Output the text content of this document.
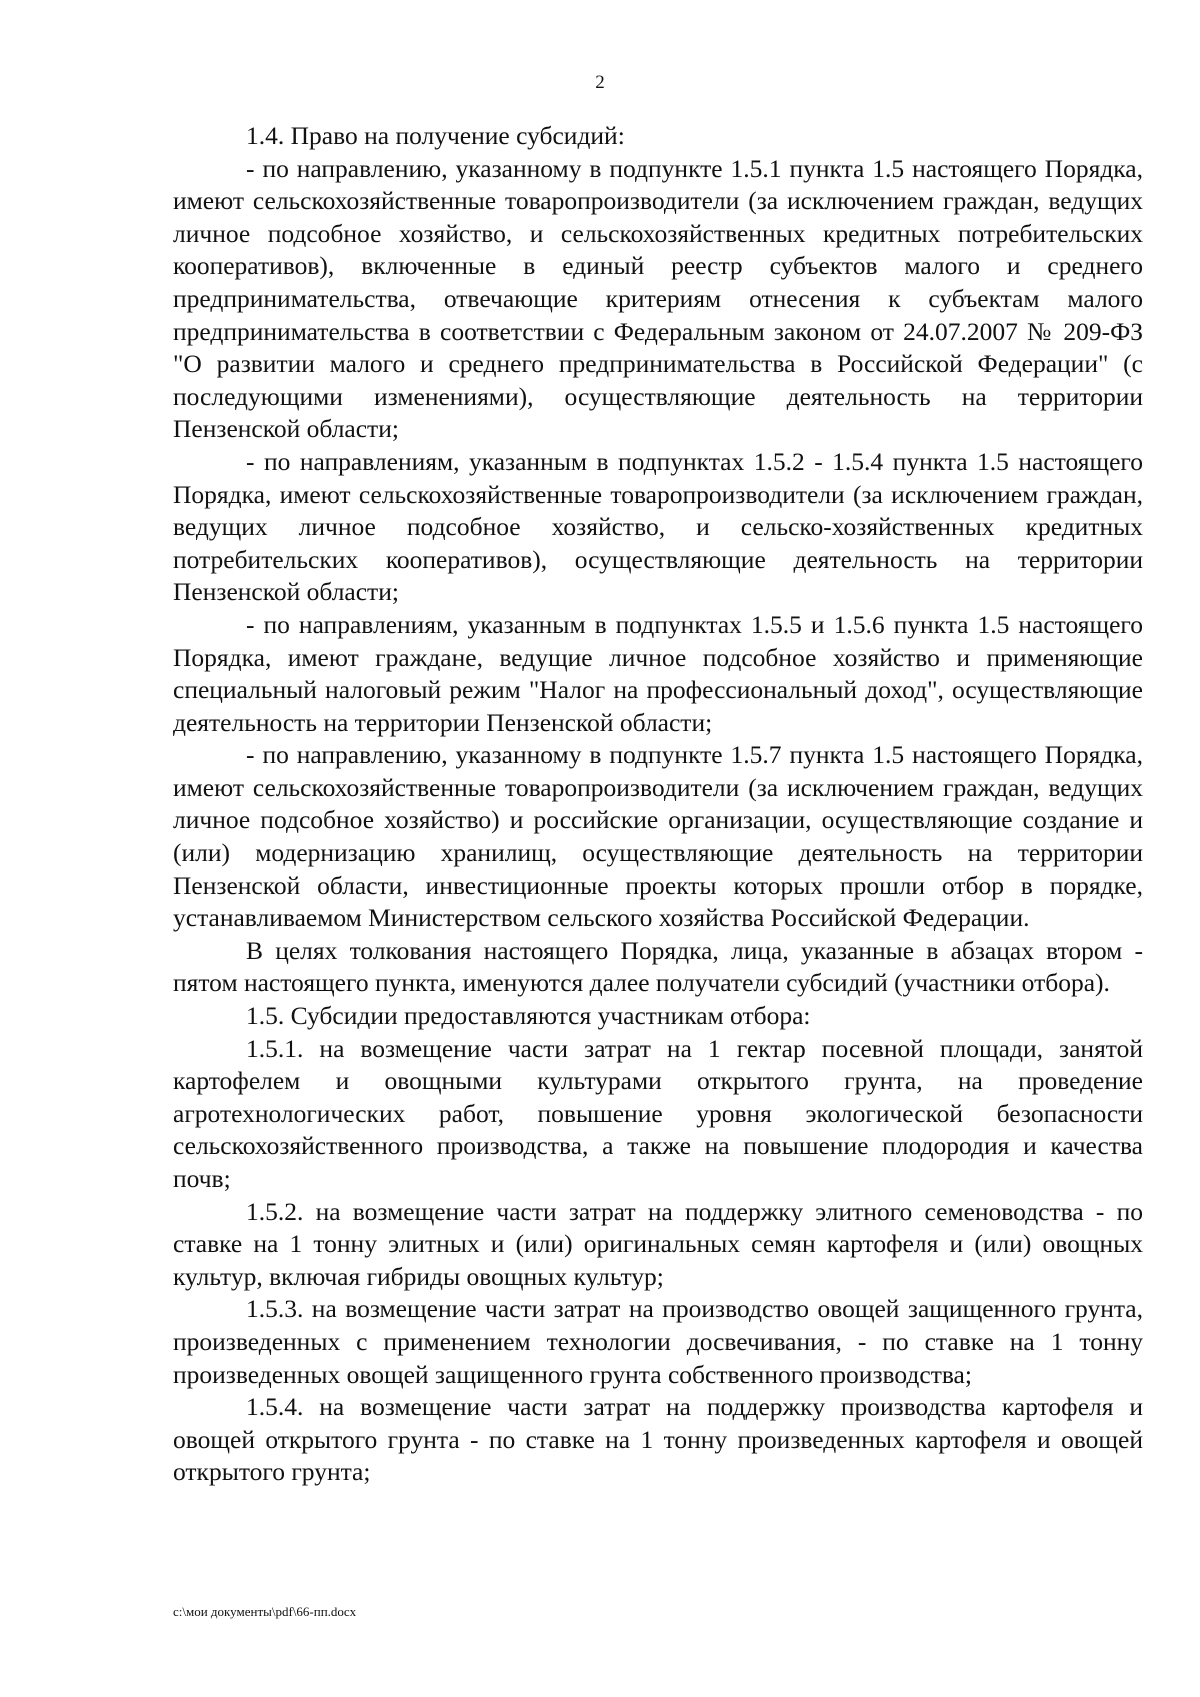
2

1.4. Право на получение субсидий:

- по направлению, указанному в подпункте 1.5.1 пункта 1.5 настоящего Порядка, имеют сельскохозяйственные товаропроизводители (за исключением граждан, ведущих личное подсобное хозяйство, и сельскохозяйственных кредитных потребительских кооперативов), включенные в единый реестр субъектов малого и среднего предпринимательства, отвечающие критериям отнесения к субъектам малого предпринимательства в соответствии с Федеральным законом от 24.07.2007 № 209-ФЗ "О развитии малого и среднего предпринимательства в Российской Федерации" (с последующими изменениями), осуществляющие деятельность на территории Пензенской области;

- по направлениям, указанным в подпунктах 1.5.2 - 1.5.4 пункта 1.5 настоящего Порядка, имеют сельскохозяйственные товаропроизводители (за исключением граждан, ведущих личное подсобное хозяйство, и сельско-хозяйственных кредитных потребительских кооперативов), осуществляющие деятельность на территории Пензенской области;

- по направлениям, указанным в подпунктах 1.5.5 и 1.5.6 пункта 1.5 настоящего Порядка, имеют граждане, ведущие личное подсобное хозяйство и применяющие специальный налоговый режим "Налог на профессиональный доход", осуществляющие деятельность на территории Пензенской области;

- по направлению, указанному в подпункте 1.5.7 пункта 1.5 настоящего Порядка, имеют сельскохозяйственные товаропроизводители (за исключением граждан, ведущих личное подсобное хозяйство) и российские организации, осуществляющие создание и (или) модернизацию хранилищ, осуществляющие деятельность на территории Пензенской области, инвестиционные проекты которых прошли отбор в порядке, устанавливаемом Министерством сельского хозяйства Российской Федерации.

В целях толкования настоящего Порядка, лица, указанные в абзацах втором - пятом настоящего пункта, именуются далее получатели субсидий (участники отбора).

1.5. Субсидии предоставляются участникам отбора:

1.5.1. на возмещение части затрат на 1 гектар посевной площади, занятой картофелем и овощными культурами открытого грунта, на проведение агротехнологических работ, повышение уровня экологической безопасности сельскохозяйственного производства, а также на повышение плодородия и качества почв;

1.5.2. на возмещение части затрат на поддержку элитного семеноводства - по ставке на 1 тонну элитных и (или) оригинальных семян картофеля и (или) овощных культур, включая гибриды овощных культур;

1.5.3. на возмещение части затрат на производство овощей защищенного грунта, произведенных с применением технологии досвечивания, - по ставке на 1 тонну произведенных овощей защищенного грунта собственного производства;

1.5.4. на возмещение части затрат на поддержку производства картофеля и овощей открытого грунта - по ставке на 1 тонну произведенных картофеля и овощей открытого грунта;

c:\мои документы\pdf\66-пп.docx
